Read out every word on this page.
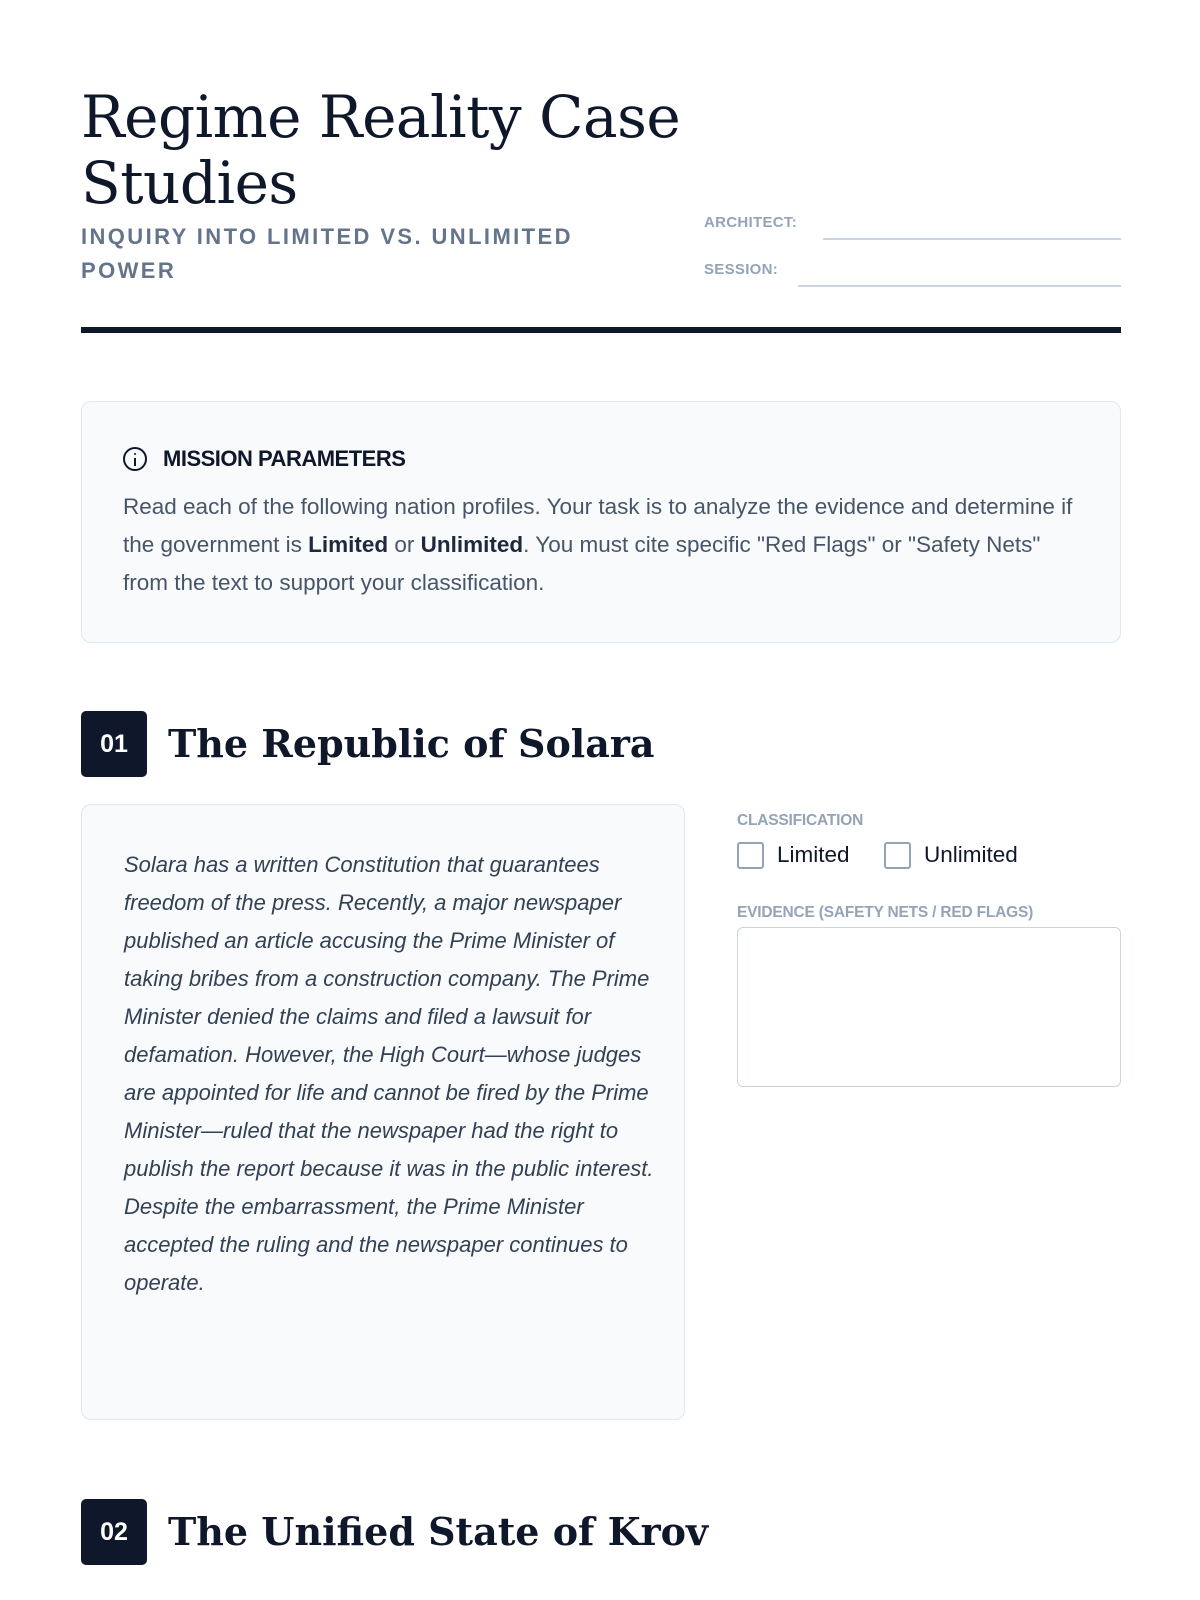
Regime Reality Case Studies
INQUIRY INTO LIMITED VS. UNLIMITED POWER
ARCHITECT:
SESSION:
MISSION PARAMETERS

Read each of the following nation profiles. Your task is to analyze the evidence and determine if the government is Limited or Unlimited. You must cite specific "Red Flags" or "Safety Nets" from the text to support your classification.

01	The Republic of Solara

Solara has a written Constitution that guarantees freedom of the press. Recently, a major newspaper published an article accusing the Prime Minister of taking bribes from a construction company. The Prime Minister denied the claims and filed a lawsuit for defamation. However, the High Court—whose judges are appointed for life and cannot be fired by the Prime Minister—ruled that the newspaper had the right to publish the report because it was in the public interest. Despite the embarrassment, the Prime Minister accepted the ruling and the newspaper continues to operate.

CLASSIFICATION
Limited	Unlimited
EVIDENCE (SAFETY NETS / RED FLAGS)
02	The Unified State of Krov
